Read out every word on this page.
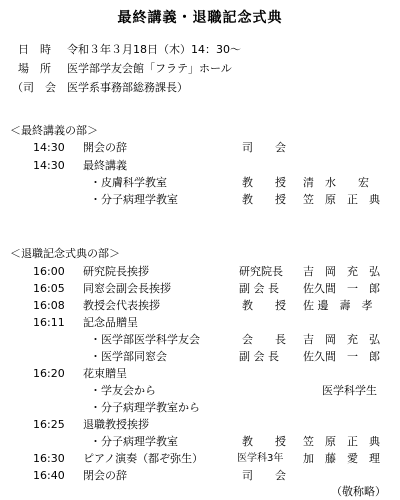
最終講義・退職記念式典
日　時 令和３年３月18日（木）14：30〜
場　所 医学部学友会館「フラテ」ホール
（司　会　医学系事務部総務課長）
＜最終講義の部＞
14:30 開会の辞	司　　会
14:30 最終講義
・皮膚科学教室	教　　授 清　水　　宏
・分子病理学教室	教　　授 笠　原　正　典
＜退職記念式典の部＞
16:00 研究院長挨拶	研究院長 吉　岡　充　弘
16:05 同窓会副会長挨拶	副 会 長 佐久間　一　郎
16:08 教授会代表挨拶	教　　授 佐 邊　壽　孝
16:11 記念品贈呈
・医学部医学科学友会	会　　長 吉　岡　充　弘
・医学部同窓会	副 会 長 佐久間　一　郎
16:20 花束贈呈
・学友会から	医学科学生
・分子病理学教室から
16:25 退職教授挨拶
・分子病理学教室	教　　授 笠　原　正　典
16:30 ピアノ演奏（都ぞ弥生）	医学科3年 加　藤　愛　理
16:40 閉会の辞	司　　会
（敬称略）
